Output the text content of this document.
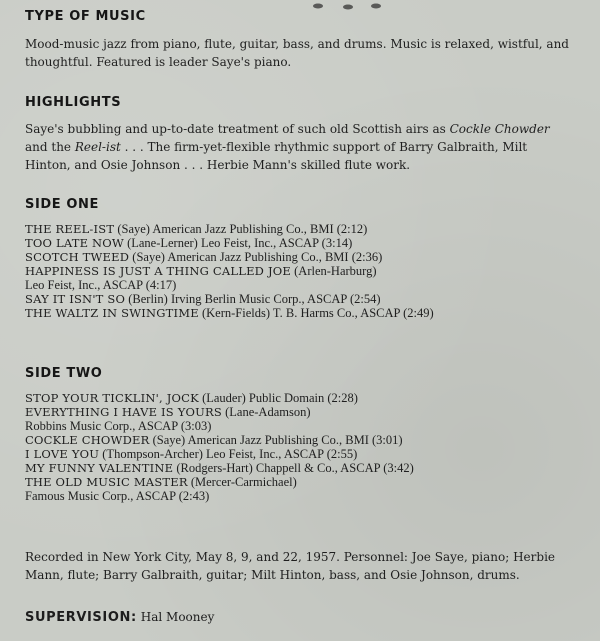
TYPE OF MUSIC
Mood-music jazz from piano, flute, guitar, bass, and drums. Music is relaxed, wistful, and thoughtful. Featured is leader Saye's piano.
HIGHLIGHTS
Saye's bubbling and up-to-date treatment of such old Scottish airs as Cockle Chowder and the Reel-ist . . . The firm-yet-flexible rhythmic support of Barry Galbraith, Milt Hinton, and Osie Johnson . . . Herbie Mann's skilled flute work.
SIDE ONE
THE REEL-IST (Saye) American Jazz Publishing Co., BMI (2:12)
TOO LATE NOW (Lane-Lerner) Leo Feist, Inc., ASCAP (3:14)
SCOTCH TWEED (Saye) American Jazz Publishing Co., BMI (2:36)
HAPPINESS IS JUST A THING CALLED JOE (Arlen-Harburg)
Leo Feist, Inc., ASCAP (4:17)
SAY IT ISN'T SO (Berlin) Irving Berlin Music Corp., ASCAP (2:54)
THE WALTZ IN SWINGTIME (Kern-Fields) T. B. Harms Co., ASCAP (2:49)
SIDE TWO
STOP YOUR TICKLIN', JOCK (Lauder) Public Domain (2:28)
EVERYTHING I HAVE IS YOURS (Lane-Adamson)
Robbins Music Corp., ASCAP (3:03)
COCKLE CHOWDER (Saye) American Jazz Publishing Co., BMI (3:01)
I LOVE YOU (Thompson-Archer) Leo Feist, Inc., ASCAP (2:55)
MY FUNNY VALENTINE (Rodgers-Hart) Chappell & Co., ASCAP (3:42)
THE OLD MUSIC MASTER (Mercer-Carmichael)
Famous Music Corp., ASCAP (2:43)
Recorded in New York City, May 8, 9, and 22, 1957. Personnel: Joe Saye, piano; Herbie Mann, flute; Barry Galbraith, guitar; Milt Hinton, bass, and Osie Johnson, drums.
SUPERVISION: Hal Mooney
